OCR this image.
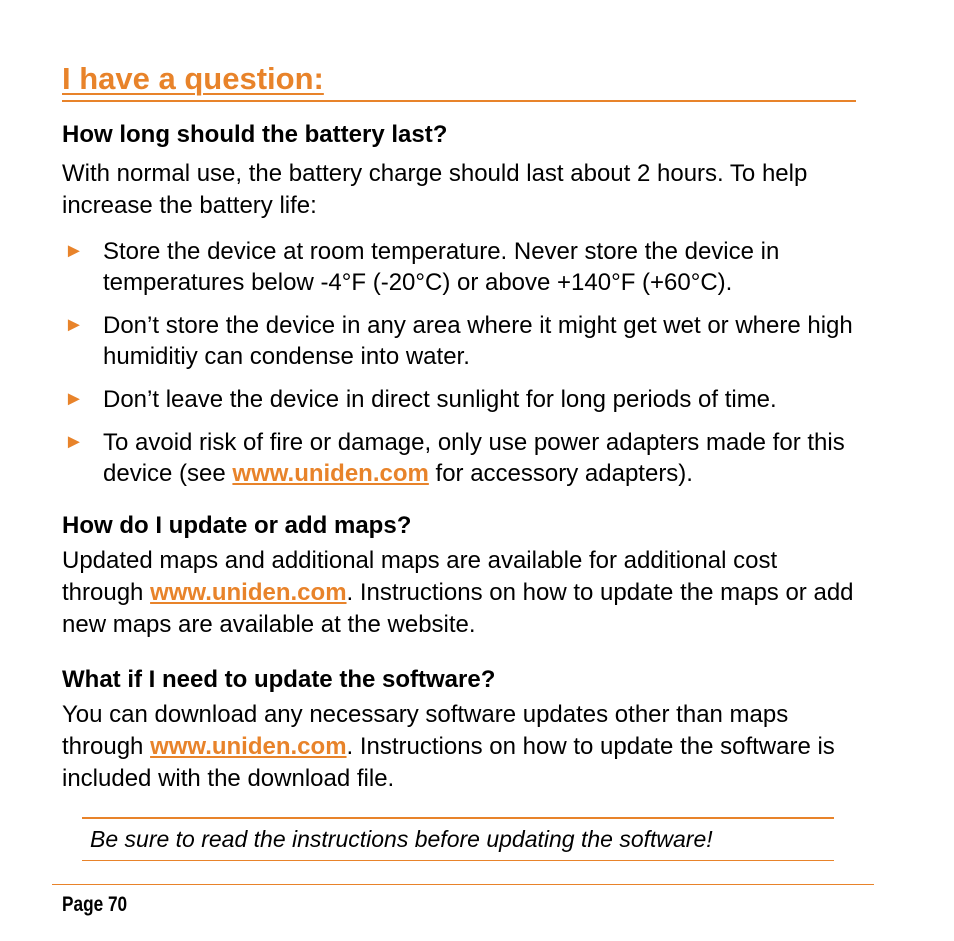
I have a question:
How long should the battery last?

With normal use, the battery charge should last about 2 hours. To help increase the battery life:

► Store the device at room temperature. Never store the device in temperatures below -4°F (-20°C) or above +140°F (+60°C).
► Don’t store the device in any area where it might get wet or where high humiditiy can condense into water.
► Don’t leave the device in direct sunlight for long periods of time.
► To avoid risk of fire or damage, only use power adapters made for this device (see www.uniden.com for accessory adapters).
How do I update or add maps?

Updated maps and additional maps are available for additional cost through www.uniden.com. Instructions on how to update the maps or add new maps are available at the website.

What if I need to update the software?

You can download any necessary software updates other than maps through www.uniden.com. Instructions on how to update the software is included with the download file.

Be sure to read the instructions before updating the software!
Page 70
